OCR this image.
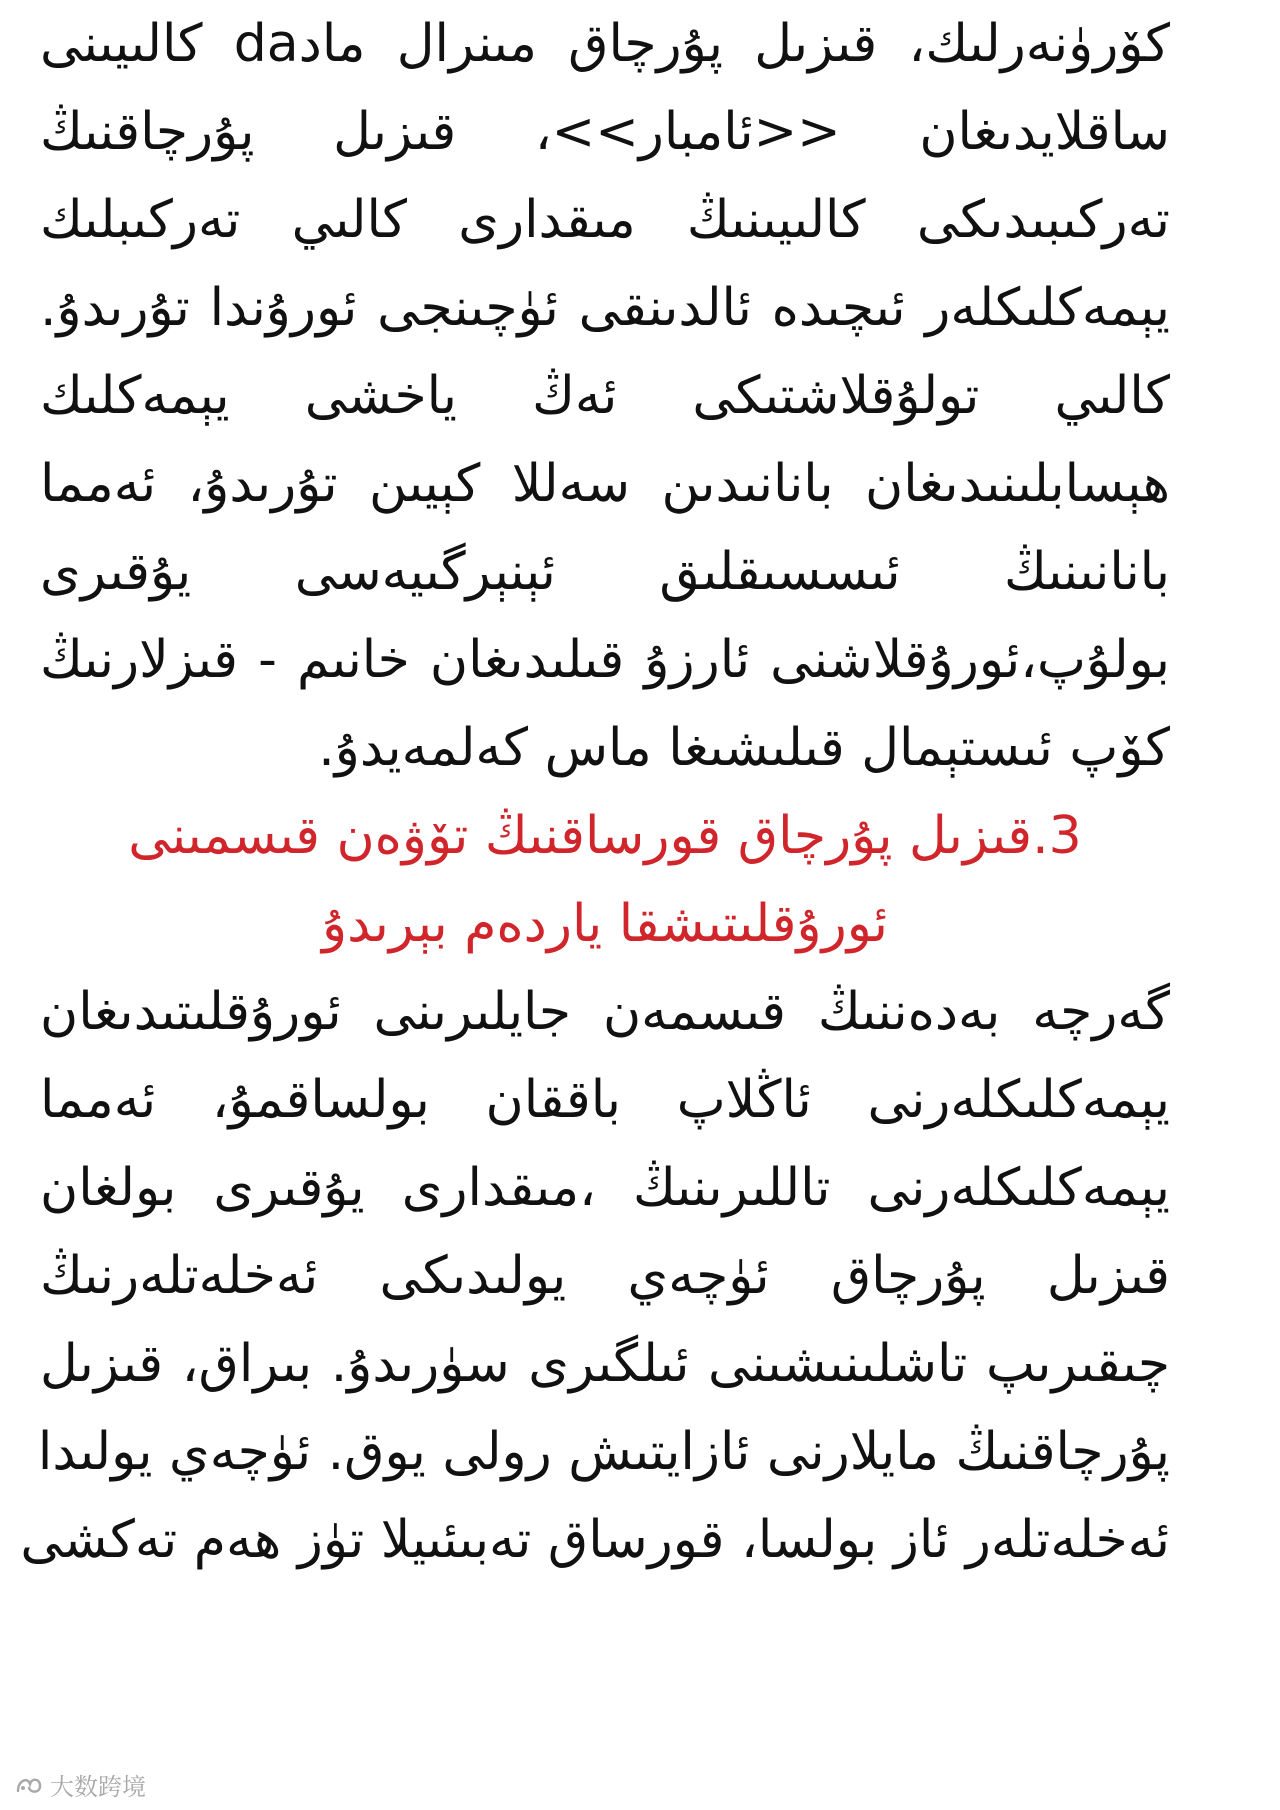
كۆرۈنەرلىك، قىزىل پۇرچاق مىنرال مادda كالىيىنى
ساقلايدىغان <<ئامبار>>، قىزىل پۇرچاقنىڭ
تەركىبىدىكى كالىيىنىڭ مىقدارى كالىي تەركىبلىك
يېمەكلىكلەر ئىچىدە ئالدىنقى ئۈچىنجى ئورۇندا تۇرىدۇ.
كالىي تولۇقلاشتىكى ئەڭ ياخشى يېمەكلىك
ھېسابلىنىدىغان بانانىدىن سەللا كېيىن تۇرىدۇ، ئەمما
بانانىنىڭ ئىسسىقلىق ئېنېرگىيەسى يۇقىرى
بولۇپ،ئورۇقلاشنى ئارزۇ قىلىدىغان خانىم - قىزلارنىڭ
كۆپ ئىستېمال قىلىشىغا ماس كەلمەيدۇ.
3.قىزىل پۇرچاق قورساقنىڭ تۆۋەن قىسمىنى
ئورۇقلىتىشقا ياردەم بېرىدۇ
گەرچە بەدەننىڭ قىسمەن جايلىرىنى ئورۇقلىتىدىغان
يېمەكلىكلەرنى ئاڭلاپ باققان بولساقمۇ، ئەمما
يېمەكلىكلەرنى تاللىرىنىڭ ،مىقدارى يۇقىرى بولغان
قىزىل پۇرچاق ئۈچەي يولىدىكى ئەخلەتلەرنىڭ
چىقىرىپ تاشلىنىشىنى ئىلگىرى سۈرىدۇ. بىراق، قىزىل
پۇرچاقنىڭ مايلارنى ئازايتىش رولى يوق. ئۈچەي يولىدا
ئەخلەتلەر ئاز بولسا، قورساق تەبىئىيلا تۈز ھەم تەكشى
大数跨境
